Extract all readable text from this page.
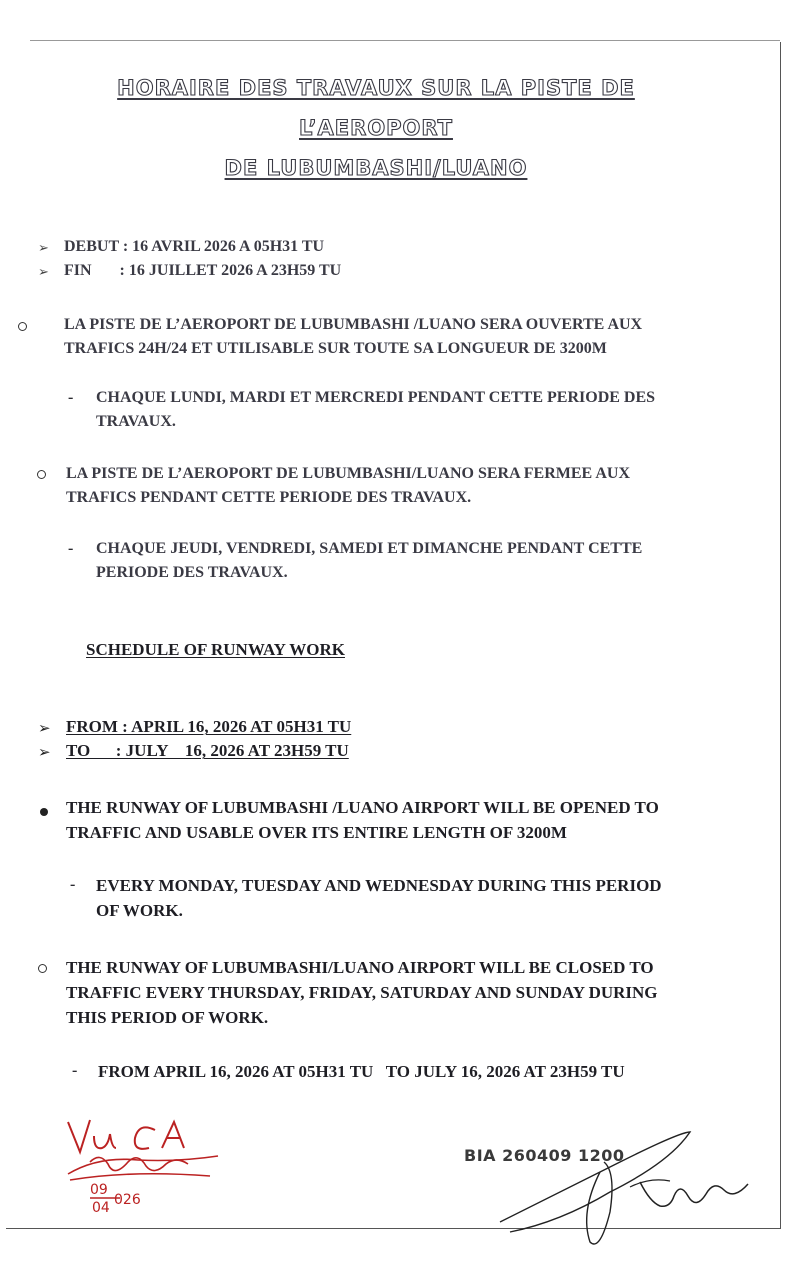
HORAIRE DES TRAVAUX SUR LA PISTE DE
L’AEROPORT
DE LUBUMBASHI/LUANO
➢ DEBUT : 16 AVRIL 2026 A 05H31 TU
➢ FIN       : 16 JUILLET 2026 A 23H59 TU
LA PISTE DE L’AEROPORT DE LUBUMBASHI /LUANO SERA OUVERTE AUX
TRAFICS 24H/24 ET UTILISABLE SUR TOUTE SA LONGUEUR DE 3200M
- CHAQUE LUNDI, MARDI ET MERCREDI PENDANT CETTE PERIODE DES
TRAVAUX.
LA PISTE DE L’AEROPORT DE LUBUMBASHI/LUANO SERA FERMEE AUX
TRAFICS PENDANT CETTE PERIODE DES TRAVAUX.
- CHAQUE JEUDI, VENDREDI, SAMEDI ET DIMANCHE PENDANT CETTE
PERIODE DES TRAVAUX.
SCHEDULE OF RUNWAY WORK
➢ FROM : APRIL 16, 2026 AT 05H31 TU
➢ TO      : JULY    16, 2026 AT 23H59 TU
THE RUNWAY OF LUBUMBASHI /LUANO AIRPORT WILL BE OPENED TO
TRAFFIC AND USABLE OVER ITS ENTIRE LENGTH OF 3200M
- EVERY MONDAY, TUESDAY AND WEDNESDAY DURING THIS PERIOD
OF WORK.
THE RUNWAY OF LUBUMBASHI/LUANO AIRPORT WILL BE CLOSED TO
TRAFFIC EVERY THURSDAY, FRIDAY, SATURDAY AND SUNDAY DURING
THIS PERIOD OF WORK.
- FROM APRIL 16, 2026 AT 05H31 TU   TO JULY 16, 2026 AT 23H59 TU
09
04 026
BIA 260409 1200
